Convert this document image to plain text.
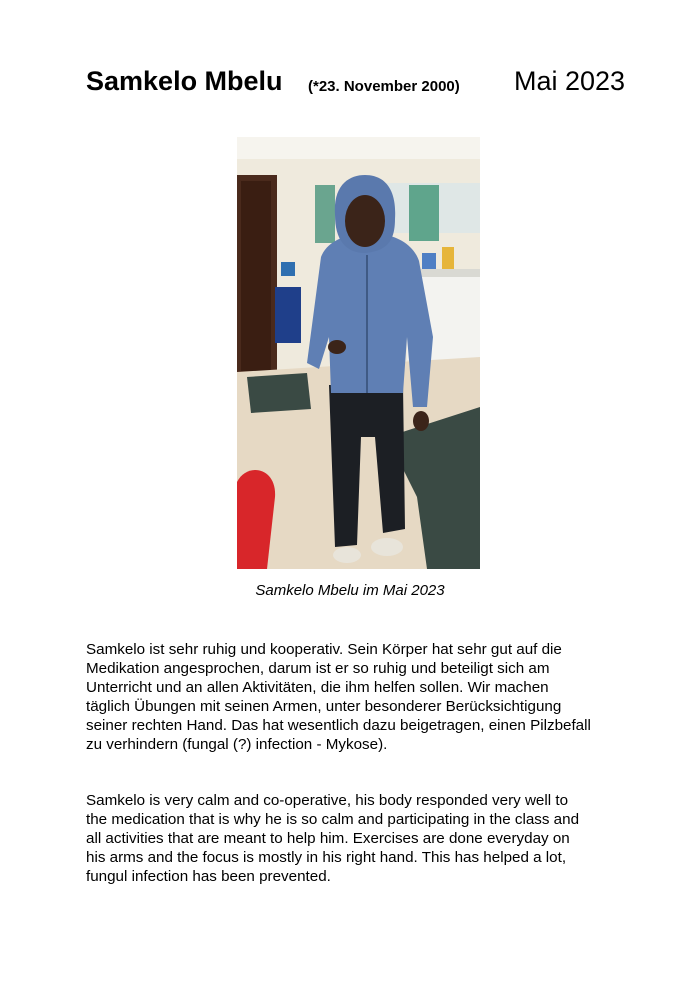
Samkelo Mbelu (*23. November 2000) Mai 2023
Samkelo Mbelu im Mai 2023
Samkelo ist sehr ruhig und kooperativ. Sein Körper hat sehr gut auf die
Medikation angesprochen, darum ist er so ruhig und beteiligt sich am
Unterricht und an allen Aktivitäten, die ihm helfen sollen. Wir machen
täglich Übungen mit seinen Armen, unter besonderer Berücksichtigung
seiner rechten Hand. Das hat wesentlich dazu beigetragen, einen Pilzbefall
zu verhindern (fungal (?) infection - Mykose).
Samkelo is very calm and co-operative, his body responded very well to
the medication that is why he is so calm and participating in the class and
all activities that are meant to help him. Exercises are done everyday on
his arms and the focus is mostly in his right hand. This has helped a lot,
fungul infection has been prevented.
